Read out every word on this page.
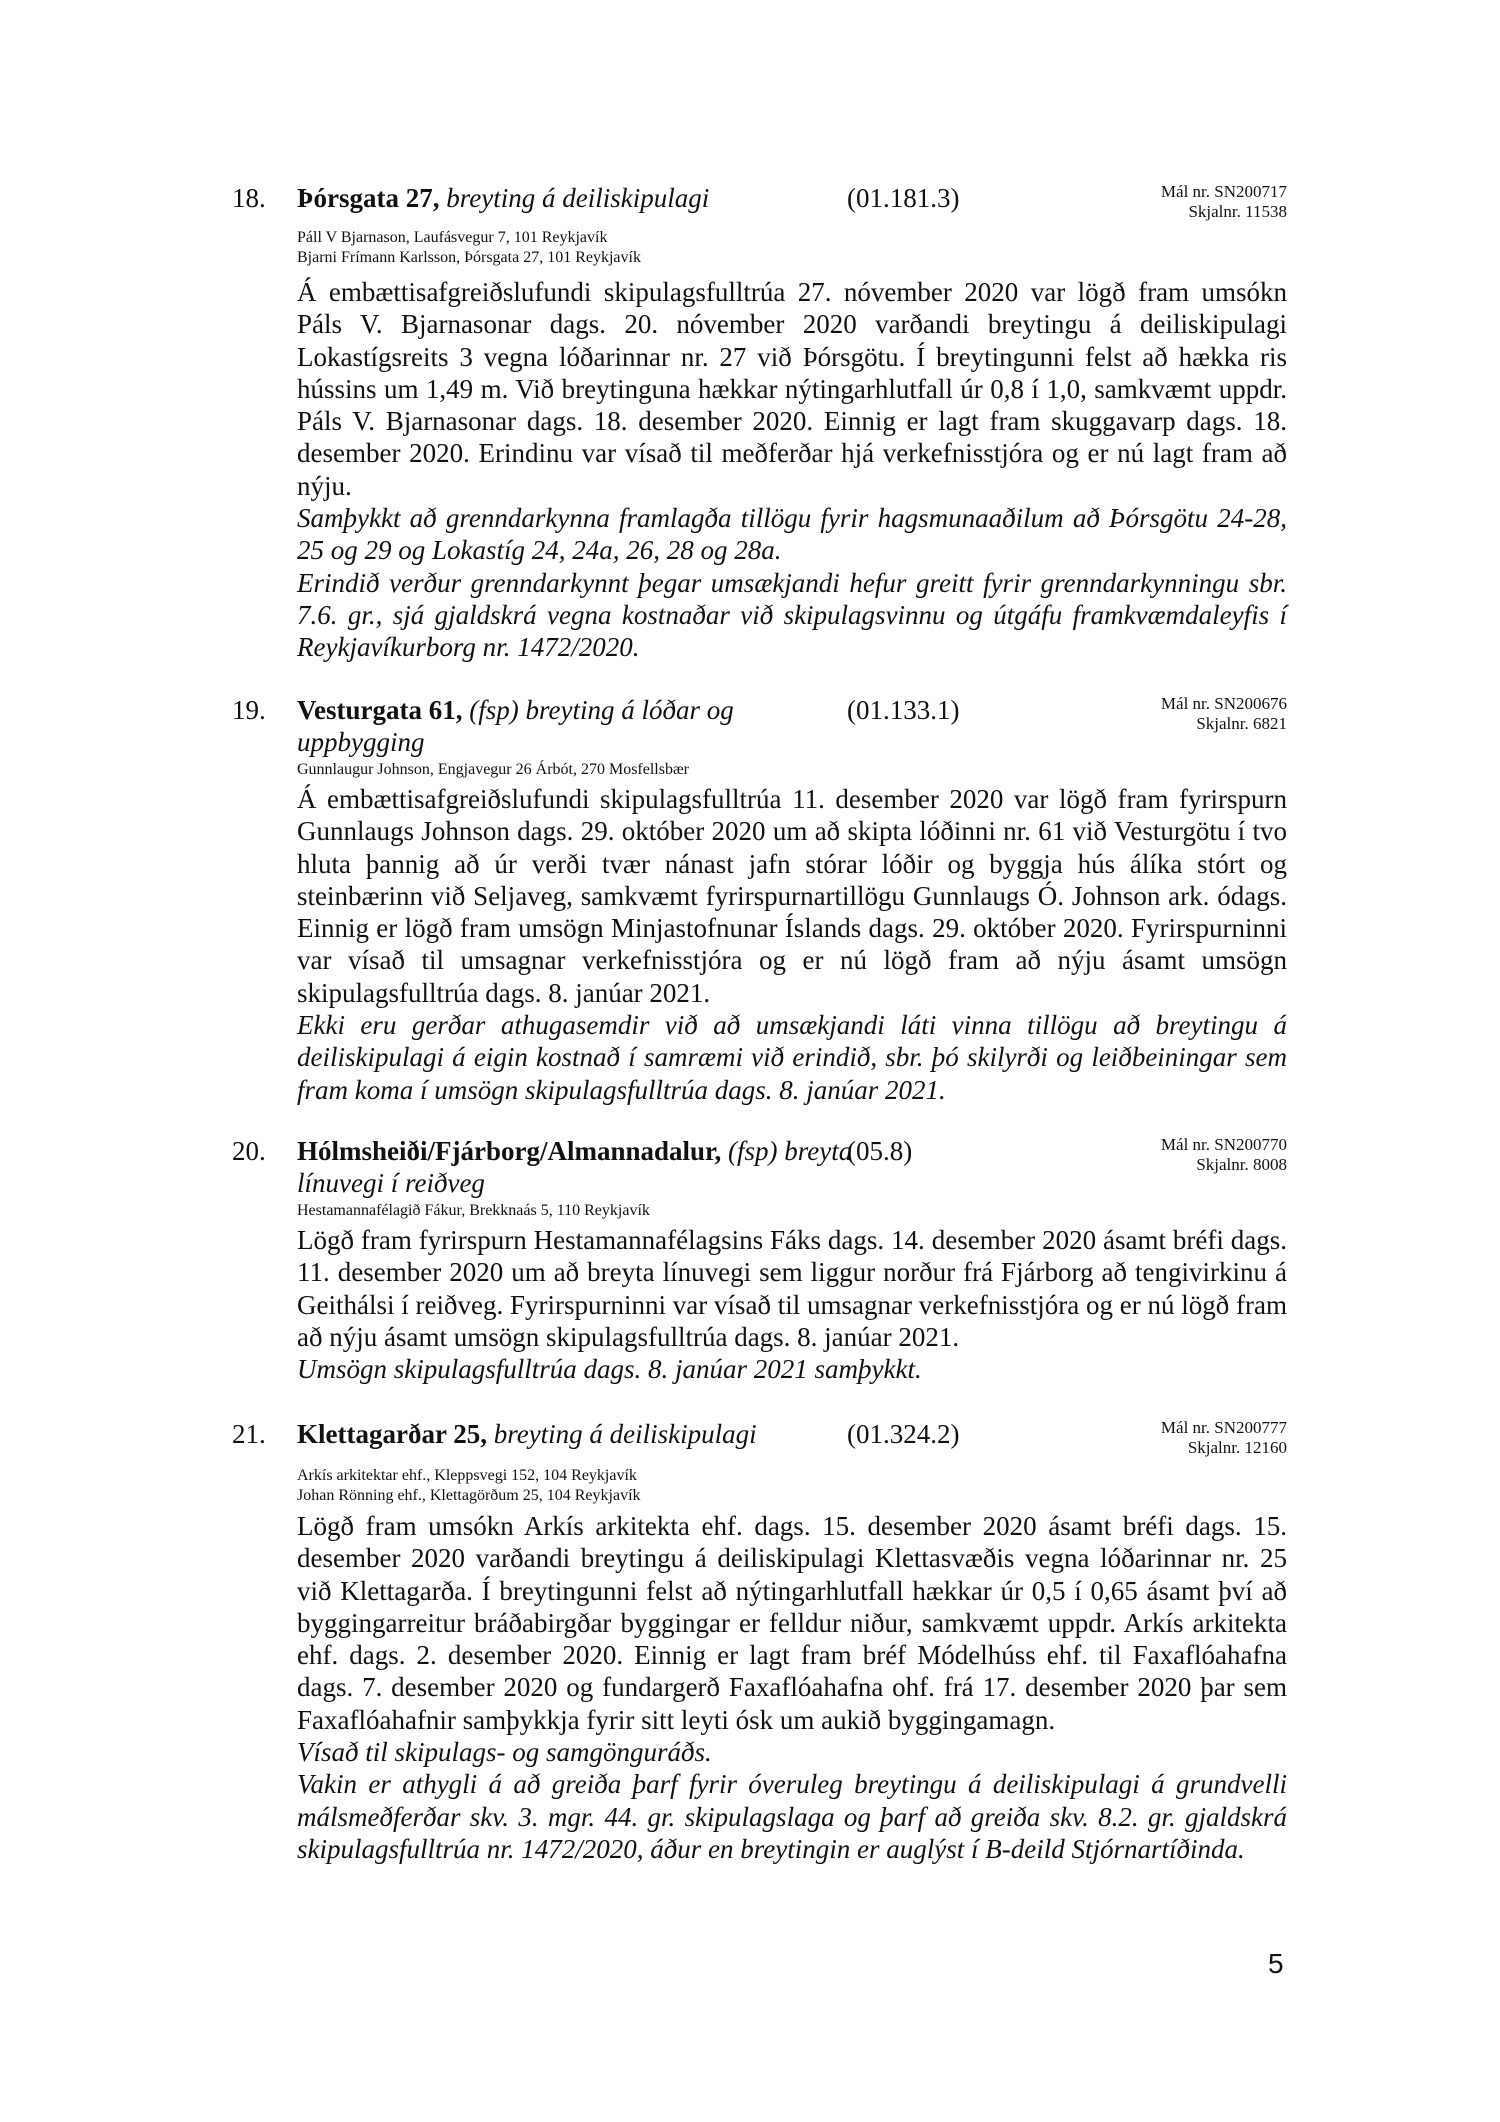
18. Þórsgata 27, breyting á deiliskipulagi	(01.181.3)	Mál nr. SN200717
Skjalnr. 11538
Páll V Bjarnason, Laufásvegur 7, 101 Reykjavík
Bjarni Frímann Karlsson, Þórsgata 27, 101 Reykjavík

Á embættisafgreiðslufundi skipulagsfulltrúa 27. nóvember 2020 var lögð fram umsókn Páls V. Bjarnasonar dags. 20. nóvember 2020 varðandi breytingu á deiliskipulagi Lokastígsreits 3 vegna lóðarinnar nr. 27 við Þórsgötu. Í breytingunni felst að hækka ris hússins um 1,49 m. Við breytinguna hækkar nýtingarhlutfall úr 0,8 í 1,0, samkvæmt uppdr. Páls V. Bjarnasonar dags. 18. desember 2020. Einnig er lagt fram skuggavarp dags. 18. desember 2020. Erindinu var vísað til meðferðar hjá verkefnisstjóra og er nú lagt fram að nýju.

Samþykkt að grenndarkynna framlagða tillögu fyrir hagsmunaaðilum að Þórsgötu 24-28, 25 og 29 og Lokastíg 24, 24a, 26, 28 og 28a.

Erindið verður grenndarkynnt þegar umsækjandi hefur greitt fyrir grenndarkynningu sbr. 7.6. gr., sjá gjaldskrá vegna kostnaðar við skipulagsvinnu og útgáfu framkvæmdaleyfis í Reykjavíkurborg nr. 1472/2020.

19. Vesturgata 61, (fsp) breyting á lóðar og uppbygging
(01.133.1)	Mál nr. SN200676
Skjalnr. 6821
Gunnlaugur Johnson, Engjavegur 26 Árbót, 270 Mosfellsbær

Á embættisafgreiðslufundi skipulagsfulltrúa 11. desember 2020 var lögð fram fyrirspurn Gunnlaugs Johnson dags. 29. október 2020 um að skipta lóðinni nr. 61 við Vesturgötu í tvo hluta þannig að úr verði tvær nánast jafn stórar lóðir og byggja hús álíka stórt og steinbærinn við Seljaveg, samkvæmt fyrirspurnartillögu Gunnlaugs Ó. Johnson ark. ódags. Einnig er lögð fram umsögn Minjastofnunar Íslands dags. 29. október 2020. Fyrirspurninni var vísað til umsagnar verkefnisstjóra og er nú lögð fram að nýju ásamt umsögn skipulagsfulltrúa dags. 8. janúar 2021.

Ekki eru gerðar athugasemdir við að umsækjandi láti vinna tillögu að breytingu á deiliskipulagi á eigin kostnað í samræmi við erindið, sbr. þó skilyrði og leiðbeiningar sem fram koma í umsögn skipulagsfulltrúa dags. 8. janúar 2021.

20. Hólmsheiði/Fjárborg/Almannadalur, (fsp) breyta línuvegi í reiðveg
(05.8)	Mál nr. SN200770
Skjalnr. 8008
Hestamannafélagið Fákur, Brekknaás 5, 110 Reykjavík

Lögð fram fyrirspurn Hestamannafélagsins Fáks dags. 14. desember 2020 ásamt bréfi dags. 11. desember 2020 um að breyta línuvegi sem liggur norður frá Fjárborg að tengivirkinu á Geithálsi í reiðveg. Fyrirspurninni var vísað til umsagnar verkefnisstjóra og er nú lögð fram að nýju ásamt umsögn skipulagsfulltrúa dags. 8. janúar 2021.

Umsögn skipulagsfulltrúa dags. 8. janúar 2021 samþykkt.

21. Klettagarðar 25, breyting á deiliskipulagi	(01.324.2)	Mál nr. SN200777
Skjalnr. 12160
Arkís arkitektar ehf., Kleppsvegi 152, 104 Reykjavík
Johan Rönning ehf., Klettagörðum 25, 104 Reykjavík

Lögð fram umsókn Arkís arkitekta ehf. dags. 15. desember 2020 ásamt bréfi dags. 15. desember 2020 varðandi breytingu á deiliskipulagi Klettasvæðis vegna lóðarinnar nr. 25 við Klettagarða. Í breytingunni felst að nýtingarhlutfall hækkar úr 0,5 í 0,65 ásamt því að byggingarreitur bráðabirgðar byggingar er felldur niður, samkvæmt uppdr. Arkís arkitekta ehf. dags. 2. desember 2020. Einnig er lagt fram bréf Módelhúss ehf. til Faxaflóahafna dags. 7. desember 2020 og fundargerð Faxaflóahafna ohf. frá 17. desember 2020 þar sem Faxaflóahafnir samþykkja fyrir sitt leyti ósk um aukið byggingamagn.

Vísað til skipulags- og samgönguráðs.

Vakin er athygli á að greiða þarf fyrir óveruleg breytingu á deiliskipulagi á grundvelli málsmeðferðar skv. 3. mgr. 44. gr. skipulagslaga og þarf að greiða skv. 8.2. gr. gjaldskrá skipulagsfulltrúa nr. 1472/2020, áður en breytingin er auglýst í B-deild Stjórnartíðinda.

5
